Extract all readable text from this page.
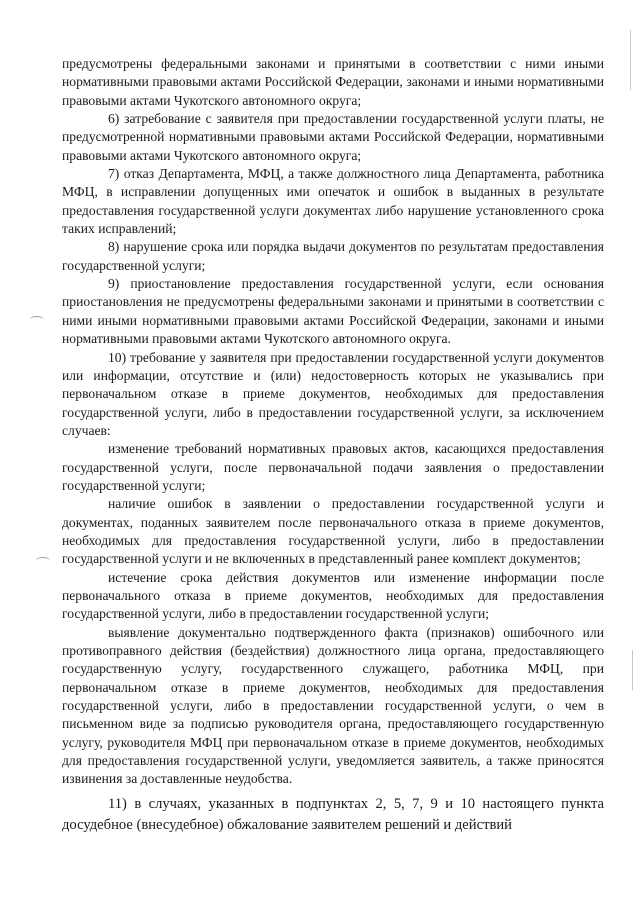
предусмотрены федеральными законами и принятыми в соответствии с ними иными нормативными правовыми актами Российской Федерации, законами и иными нормативными правовыми актами Чукотского автономного округа;

6) затребование с заявителя при предоставлении государственной услуги платы, не предусмотренной нормативными правовыми актами Российской Федерации, нормативными правовыми актами Чукотского автономного округа;

7) отказ Департамента, МФЦ, а также должностного лица Департамента, работника МФЦ, в исправлении допущенных ими опечаток и ошибок в выданных в результате предоставления государственной услуги документах либо нарушение установленного срока таких исправлений;

8) нарушение срока или порядка выдачи документов по результатам предоставления государственной услуги;

9) приостановление предоставления государственной услуги, если основания приостановления не предусмотрены федеральными законами и принятыми в соответствии с ними иными нормативными правовыми актами Российской Федерации, законами и иными нормативными правовыми актами Чукотского автономного округа.

10) требование у заявителя при предоставлении государственной услуги документов или информации, отсутствие и (или) недостоверность которых не указывались при первоначальном отказе в приеме документов, необходимых для предоставления государственной услуги, либо в предоставлении государственной услуги, за исключением случаев:

изменение требований нормативных правовых актов, касающихся предоставления государственной услуги, после первоначальной подачи заявления о предоставлении государственной услуги;

наличие ошибок в заявлении о предоставлении государственной услуги и документах, поданных заявителем после первоначального отказа в приеме документов, необходимых для предоставления государственной услуги, либо в предоставлении государственной услуги и не включенных в представленный ранее комплект документов;

истечение срока действия документов или изменение информации после первоначального отказа в приеме документов, необходимых для предоставления государственной услуги, либо в предоставлении государственной услуги;

выявление документально подтвержденного факта (признаков) ошибочного или противоправного действия (бездействия) должностного лица органа, предоставляющего государственную услугу, государственного служащего, работника МФЦ, при первоначальном отказе в приеме документов, необходимых для предоставления государственной услуги, либо в предоставлении государственной услуги, о чем в письменном виде за подписью руководителя органа, предоставляющего государственную услугу, руководителя МФЦ при первоначальном отказе в приеме документов, необходимых для предоставления государственной услуги, уведомляется заявитель, а также приносятся извинения за доставленные неудобства.

11) в случаях, указанных в подпунктах 2, 5, 7, 9 и 10 настоящего пункта досудебное (внесудебное) обжалование заявителем решений и действий
